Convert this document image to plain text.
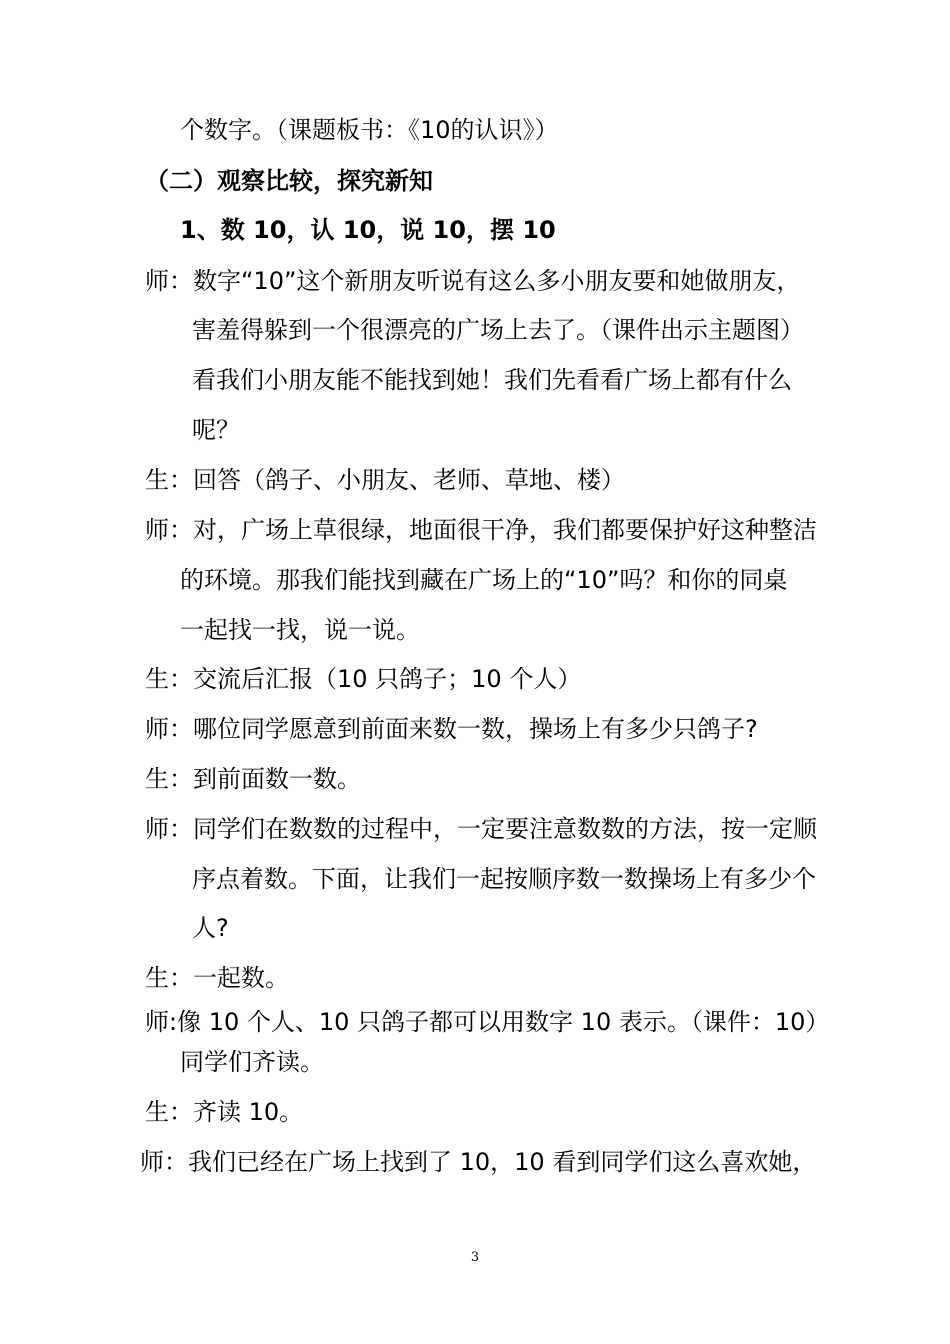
个数字。（课题板书：《10的认识》）
（二）观察比较，探究新知
1、数 10，认 10，说 10，摆 10
师：数字“10”这个新朋友听说有这么多小朋友要和她做朋友，
害羞得躲到一个很漂亮的广场上去了。（课件出示主题图）
看我们小朋友能不能找到她！我们先看看广场上都有什么
呢？
生：回答（鸽子、小朋友、老师、草地、楼）
师：对，广场上草很绿，地面很干净，我们都要保护好这种整洁
的环境。那我们能找到藏在广场上的“10”吗？和你的同桌
一起找一找，说一说。
生：交流后汇报（10 只鸽子；10 个人）
师：哪位同学愿意到前面来数一数，操场上有多少只鸽子?
生：到前面数一数。
师：同学们在数数的过程中，一定要注意数数的方法，按一定顺
序点着数。下面，让我们一起按顺序数一数操场上有多少个
人?
生：一起数。
师:像 10 个人、10 只鸽子都可以用数字 10 表示。（课件：10）
同学们齐读。
生：齐读 10。
师：我们已经在广场上找到了 10，10 看到同学们这么喜欢她，
3
